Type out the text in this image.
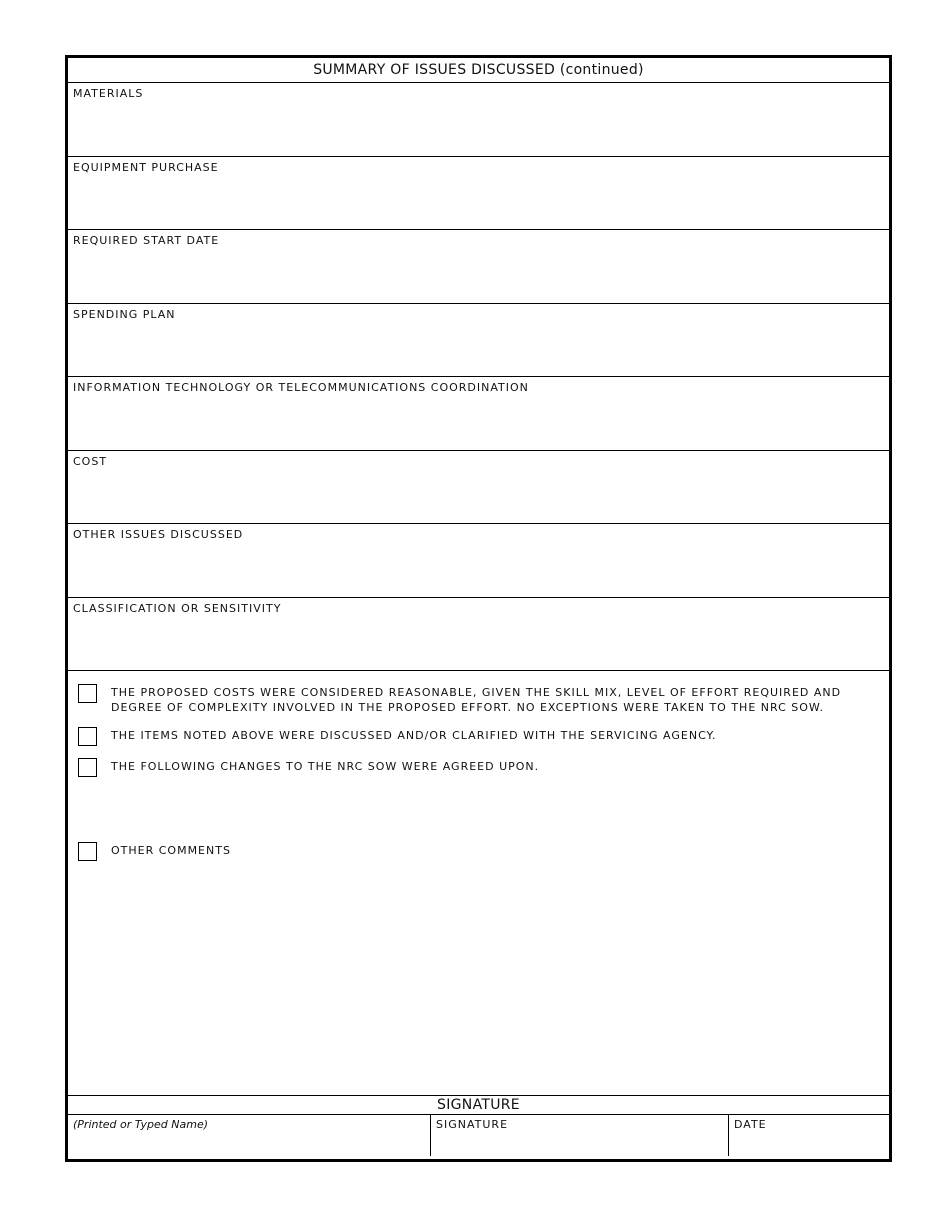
SUMMARY OF ISSUES DISCUSSED (continued)
MATERIALS
EQUIPMENT PURCHASE
REQUIRED START DATE
SPENDING PLAN
INFORMATION TECHNOLOGY OR TELECOMMUNICATIONS COORDINATION
COST
OTHER ISSUES DISCUSSED
CLASSIFICATION OR SENSITIVITY
THE PROPOSED COSTS WERE CONSIDERED REASONABLE, GIVEN THE SKILL MIX, LEVEL OF EFFORT REQUIRED AND DEGREE OF COMPLEXITY INVOLVED IN THE PROPOSED EFFORT. NO EXCEPTIONS WERE TAKEN TO THE NRC SOW.
THE ITEMS NOTED ABOVE WERE DISCUSSED AND/OR CLARIFIED WITH THE SERVICING AGENCY.
THE FOLLOWING CHANGES TO THE NRC SOW WERE AGREED UPON.
OTHER COMMENTS
SIGNATURE
(Printed or Typed Name)	SIGNATURE	DATE
